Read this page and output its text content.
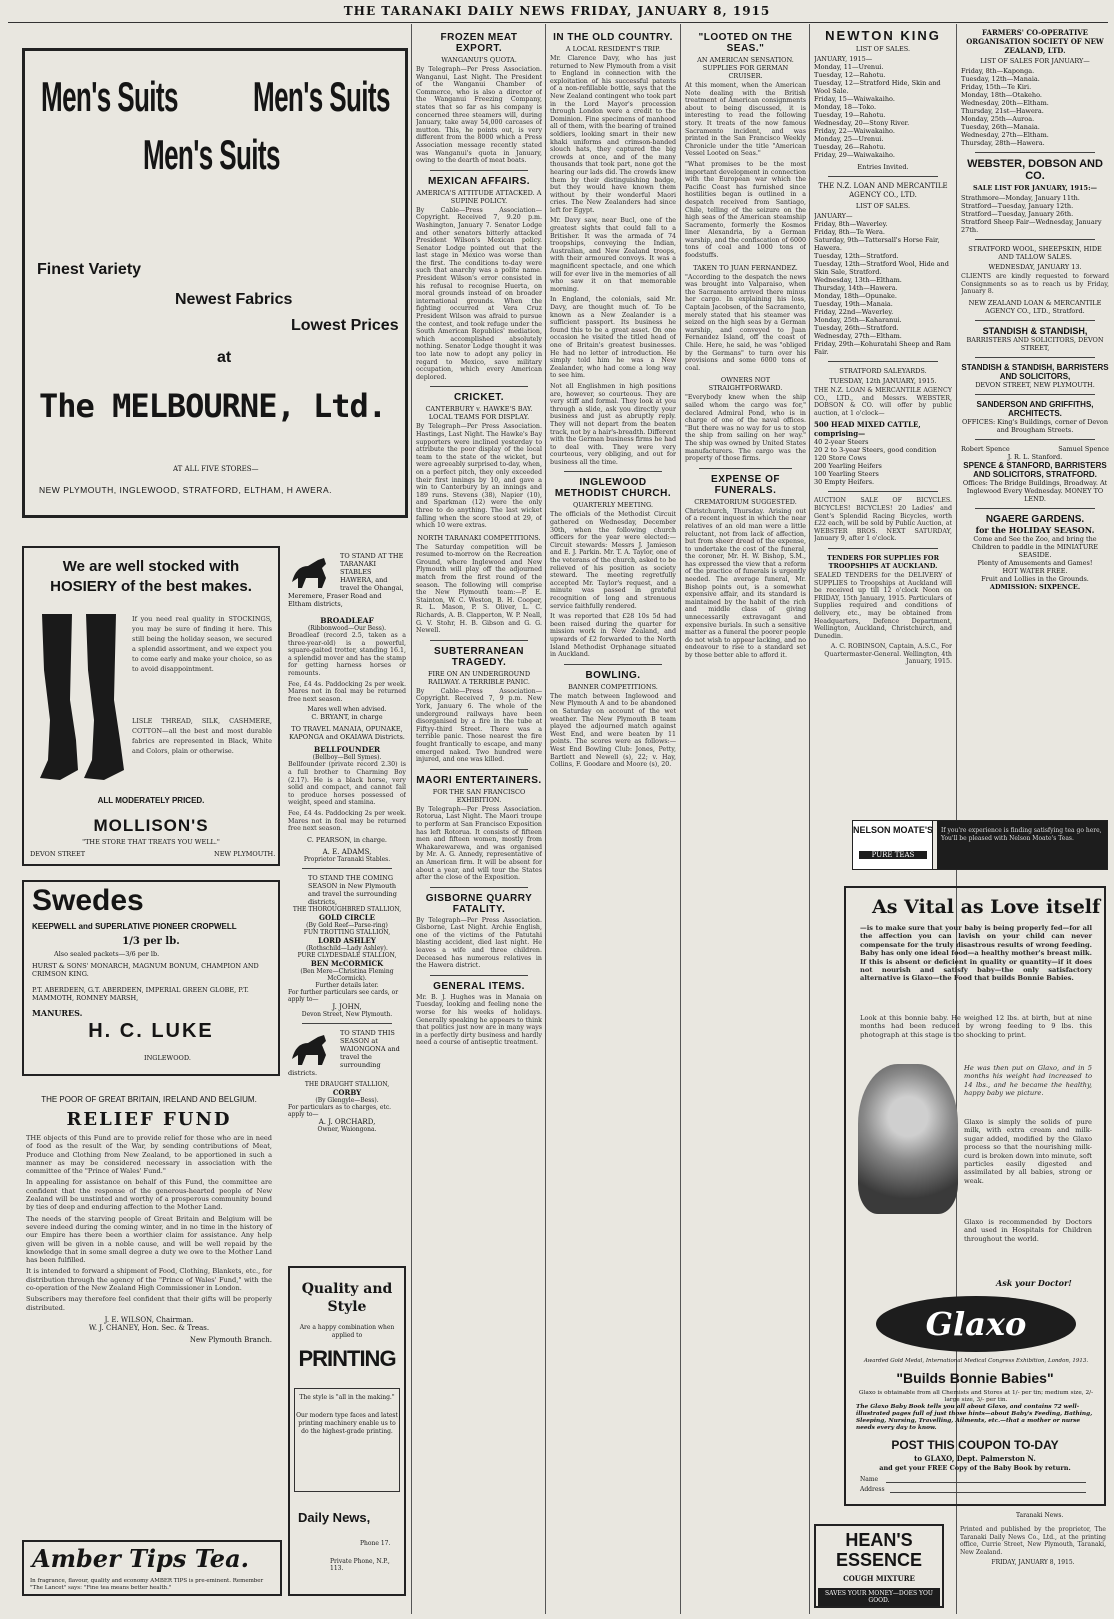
THE TARANAKI DAILY NEWS FRIDAY, JANUARY 8, 1915
Men's Suits Men's Suits
Men's Suits
Finest Variety
Newest Fabrics
Lowest Prices
at
The MELBOURNE, Ltd.
AT ALL FIVE STORES—
NEW PLYMOUTH, INGLEWOOD, STRATFORD, ELTHAM, H AWERA.
We are well stocked with
HOSIERY of the best makes.

If you need real quality in STOCKINGS, you may be sure of finding it here. This still being the holiday season, we secured a splendid assortment, and we expect you to come early and make your choice, so as to avoid disappointment.

LISLE THREAD, SILK, CASHMERE, COTTON—all the best and most durable fabrics are represented in Black, White and Colors, plain or otherwise.

ALL MODERATELY PRICED.
MOLLISON'S
"THE STORE THAT TREATS YOU WELL."
DEVON STREET	NEW PLYMOUTH.
Swedes
KEEPWELL and SUPERLATIVE PIONEER CROPWELL
1/3 per lb.
Also sealed packets—3/6 per lb.
HURST & SONS' MONARCH, MAGNUM BONUM, CHAMPION AND CRIMSON KING.
P.T. ABERDEEN, G.T. ABERDEEN, IMPERIAL GREEN GLOBE, P.T. MAMMOTH, ROMNEY MARSH,
MANURES.
H. C. LUKE
INGLEWOOD.
THE POOR OF GREAT BRITAIN, IRELAND AND BELGIUM.
RELIEF FUND

THE objects of this Fund are to provide relief for those who are in need of food as the result of the War, by sending contributions of Meat, Produce and Clothing from New Zealand, to be apportioned in such a manner as may be considered necessary in association with the committee of the "Prince of Wales' Fund."

In appealing for assistance on behalf of this Fund, the committee are confident that the response of the generous-hearted people of New Zealand will be unstinted and worthy of a prosperous community bound by ties of deep and enduring affection to the Mother Land.

The needs of the starving people of Great Britain and Belgium will be severe indeed during the coming winter, and in no time in the history of our Empire has there been a worthier claim for assistance. Any help given will be given in a noble cause, and will be well repaid by the knowledge that in some small degree a duty we owe to the Mother Land has been fulfilled.

It is intended to forward a shipment of Food, Clothing, Blankets, etc., for distribution through the agency of the "Prince of Wales' Fund," with the co-operation of the New Zealand High Commissioner in London.

Subscribers may therefore feel confident that their gifts will be properly distributed.

J. E. WILSON, Chairman.
W. J. CHANEY, Hon. Sec. & Treas.
New Plymouth Branch.
Amber Tips Tea.
In fragrance, flavour, quality and economy AMBER TIPS is pre-eminent. Remember "The Lancet" says: "Fine tea means better health."
TO STAND AT THE TARANAKI STABLES HAWERA, and travel the Ohangai, Meremere, Fraser Road and Eltham districts,
BROADLEAF
(Ribbonwood—Our Bess).

Broadleaf (record 2.5, taken as a three-year-old) is a powerful, square-gaited trotter, standing 16.1, a splendid mover and has the stamp for getting harness horses or remounts.

Fee, £4 4s. Paddocking 2s per week. Mares not in foal may be returned free next season.

Mares well when advised.
C. BRYANT, in charge
TO TRAVEL MANAIA, OPUNAKE, KAPONGA and OKAIAWA Districts.
BELLFOUNDER
(Bellboy—Bell Symes).

Bellfounder (private record 2.30) is a full brother to Charming Boy (2.17). He is a black horse, very solid and compact, and cannot fail to produce horses possessed of weight, speed and stamina.

Fee, £4 4s. Paddocking 2s per week. Mares not in foal may be returned free next season.

C. PEARSON, in charge.
A. E. ADAMS,
Proprietor Taranaki Stables.
TO STAND THE COMING SEASON in New Plymouth and travel the surrounding districts,
THE THOROUGHBRED STALLION,
GOLD CIRCLE
(By Gold Reef—Parse-ring)
FUN TROTTING STALLION,
LORD ASHLEY
(Rothschild—Lady Ashley).
PURE CLYDESDALE STALLION,
BEN McCORMICK
(Ben Mere—Christina Fleming McCormick).
Further details later.
For further particulars see cards, or apply to—
J. JOHN,
Devon Street, New Plymouth.
TO STAND THIS SEASON at WAIONGONA and travel the surrounding districts.
THE DRAUGHT STALLION,
CORBY
(By Glengyle—Bess).
For particulars as to charges, etc. apply to—
A. J. ORCHARD,
Owner, Waiongona.
Quality and Style
Are a happy combination when applied to
PRINTING
The style is "all in the making."
Our modern type faces and latest printing machinery enable us to do the highest-grade printing.
Daily News,
Phone 17.
Private Phone, N.P., 113.
FROZEN MEAT EXPORT.
WANGANUI'S QUOTA.

By Telegraph—Per Press Association. Wanganui, Last Night. The President of the Wanganui Chamber of Commerce, who is also a director of the Wanganui Freezing Company, states that so far as his company is concerned three steamers will, during January, take away 54,000 carcases of mutton. This, he points out, is very different from the 8000 which a Press Association message recently stated was Wanganui's quota in January, owing to the dearth of meat boats.

MEXICAN AFFAIRS.
AMERICA'S ATTITUDE ATTACKED. A SUPINE POLICY.

By Cable—Press Association—Copyright. Received 7, 9.20 p.m. Washington, January 7. Senator Lodge and other senators bitterly attacked President Wilson's Mexican policy. Senator Lodge pointed out that the last stage in Mexico was worse than the first. The conditions to-day were such that anarchy was a polite name. President Wilson's error consisted in his refusal to recognise Huerta, on moral grounds instead of on broader international grounds. When the fighting occurred at Vera Cruz President Wilson was afraid to pursue the contest, and took refuge under the South American Republics' mediation, which accomplished absolutely nothing. Senator Lodge thought it was too late now to adopt any policy in regard to Mexico, save military occupation, which every American deplored.

CRICKET.
CANTERBURY v. HAWKE'S BAY. LOCAL TEAMS FOR DISPLAY.

By Telegraph—Per Press Association. Hastings, Last Night. The Hawke's Bay supporters were inclined yesterday to attribute the poor display of the local team to the state of the wicket, but were agreeably surprised to-day, when, on a perfect pitch, they only exceeded their first innings by 10, and gave a win to Canterbury by an innings and 189 runs. Stevens (38), Napier (10), and Sparkman (12) were the only three to do anything. The last wicket falling when the score stood at 29, of which 10 were extras.

NORTH TARANAKI COMPETITIONS.

The Saturday competition will be resumed to-morrow on the Recreation Ground, where Inglewood and New Plymouth will play off the adjourned match from the first round of the season. The following will comprise the New Plymouth team:—P. E. Stainton, W. C. Weston, B. H. Cooper, R. L. Mason, P. S. Oliver, L. C. Richards, A. B. Clapperton, W. P. Neall, G. V. Stohr, H. B. Gibson and G. G. Newell.

SUBTERRANEAN TRAGEDY.
FIRE ON AN UNDERGROUND RAILWAY. A TERRIBLE PANIC.

By Cable—Press Association—Copyright. Received 7, 9 p.m. New York, January 6. The whole of the underground railways have been disorganised by a fire in the tube at Fiftyy-third Street. There was a terrible panic. Those nearest the fire fought frantically to escape, and many emerged naked. Two hundred were injured, and one was killed.

MAORI ENTERTAINERS.
FOR THE SAN FRANCISCO EXHIBITION.

By Telegraph—Per Press Association. Rotorua, Last Night. The Maori troupe to perform at San Francisco Exposition has left Rotorua. It consists of fifteen men and fifteen women, mostly from Whakarewarewa, and was organised by Mr. A. G. Annedy, representative of an American firm. It will be absent for about a year, and will tour the States after the close of the Exposition.

GISBORNE QUARRY FATALITY.

By Telegraph—Per Press Association. Gisborne, Last Night. Archie English, one of the victims of the Patutahi blasting accident, died last night. He leaves a wife and three children. Deceased has numerous relatives in the Hawera district.

GENERAL ITEMS.

Mr. B. J. Hughes was in Manaia on Tuesday, looking and feeling none the worse for his weeks of holidays. Generally speaking he appears to think that politics just now are in many ways in a perfectly dirty business and hardly need a course of antiseptic treatment.

IN THE OLD COUNTRY.
A LOCAL RESIDENT'S TRIP.

Mr. Clarence Davy, who has just returned to New Plymouth from a visit to England in connection with the exploitation of his successful patents of a non-refillable bottle, says that the New Zealand contingent who took part in the Lord Mayor's procession through London were a credit to the Dominion. Fine specimens of manhood all of them, with the bearing of trained soldiers, looking smart in their new khaki uniforms and crimson-banded slouch hats, they captured the big crowds at once, and of the many thousands that took part, none got the hearing our lads did. The crowds knew them by their distinguishing badge, but they would have known them without by their wonderful Maori cries. The New Zealanders had since left for Egypt.

Mr. Davy saw, near Bucl, one of the greatest sights that could fall to a Britisher. It was the armada of 74 troopships, conveying the Indian, Australian, and New Zealand troops, with their armoured convoys. It was a magnificent spectacle, and one which will for ever live in the memories of all who saw it on that memorable morning.

In England, the colonials, said Mr. Davy, are thought much of. To be known as a New Zealander is a sufficient passport. Its business he found this to be a great asset. On one occasion he visited the titled head of one of Britain's greatest businesses. He had no letter of introduction. He simply told him he was a New Zealander, who had come a long way to see him.

Not all Englishmen in high positions are, however, so courteous. They are very stiff and formal. They look at you through a slide, ask you directly your business and just as abruptly reply. They will not depart from the beaten track, not by a hair's-breadth. Different with the German business firms he had to deal with. They were very courteous, very obliging, and out for business all the time.

INGLEWOOD METHODIST CHURCH.
QUARTERLY MEETING.

The officials of the Methodist Circuit gathered on Wednesday, December 30th, when the following church officers for the year were elected:—Circuit stewards: Messrs J. Jamieson and E. J. Parkin. Mr. T. A. Taylor, one of the veterans of the church, asked to be relieved of his position as society steward. The meeting regretfully accepted Mr. Taylor's request, and a minute was passed in grateful recognition of long and strenuous service faithfully rendered.

It was reported that £28 10s 5d had been raised during the quarter for mission work in New Zealand, and upwards of £2 forwarded to the North Island Methodist Orphanage situated in Auckland.

BOWLING.
BANNER COMPETITIONS.

The match between Inglewood and New Plymouth A and to be abandoned on Saturday on account of the wet weather. The New Plymouth B team played the adjourned match against West End, and were beaten by 11 points. The scores were as follows:—West End Bowling Club: Jones, Petty, Bartlett and Newell (s), 22; v. Hay, Collins, F. Goodare and Moore (s), 20.

"LOOTED ON THE SEAS."
AN AMERICAN SENSATION. SUPPLIES FOR GERMAN CRUISER.

At this moment, when the American Note dealing with the British treatment of American consignments about to being discussed, it is interesting to read the following story. It treats of the now famous Sacramento incident, and was printed in the San Francisco Weekly Chronicle under the title "American Vessel Looted on Seas."

"What promises to be the most important development in connection with the European war which the Pacific Coast has furnished since hostilities began is outlined in a despatch received from Santiago, Chile, telling of the seizure on the high seas of the American steamship Sacramento, formerly the Kosmos liner Alexandria, by a German warship, and the confiscation of 6000 tons of coal and 1000 tons of foodstuffs.

TAKEN TO JUAN FERNANDEZ.

"According to the despatch the news was brought into Valparaiso, when the Sacramento arrived there minus her cargo. In explaining his loss, Captain Jacobsen, of the Sacramento, merely stated that his steamer was seized on the high seas by a German warship, and conveyed to Juan Fernandez Island, off the coast of Chile. Here, he said, he was "obliged by the Germans" to turn over his provisions and some 6000 tons of coal.

OWNERS NOT STRAIGHTFORWARD.

"Everybody knew when the ship sailed whom the cargo was for," declared Admiral Pond, who is in charge of one of the naval offices. "But there was no way for us to stop the ship from sailing on her way." The ship was owned by United States manufacturers. The cargo was the property of those firms.

EXPENSE OF FUNERALS.
CREMATORIUM SUGGESTED.

Christchurch, Thursday. Arising out of a recent inquest in which the near relatives of an old man were a little reluctant, not from lack of affection, but from sheer dread of the expense, to undertake the cost of the funeral, the coroner, Mr. H. W. Bishop, S.M., has expressed the view that a reform of the practice of funerals is urgently needed. The average funeral, Mr. Bishop points out, is a somewhat expensive affair, and its standard is maintained by the habit of the rich and middle class of giving unnecessarily extravagant and expensive burials. In such a sensitive matter as a funeral the poorer people do not wish to appear lacking, and no endeavour to rise to a standard set by those better able to afford it.

NEWTON KING
LIST OF SALES.
JANUARY, 1915—
Monday, 11—Urenui.
Tuesday, 12—Rahotu.
Tuesday, 12—Stratford Hide, Skin and Wool Sale.
Friday, 15—Waiwakaiho.
Monday, 18—Toko.
Tuesday, 19—Rahotu.
Wednesday, 20—Stony River.
Friday, 22—Waiwakaiho.
Monday, 25—Urenui.
Tuesday, 26—Rahotu.
Friday, 29—Waiwakaiho.
Entries Invited.
THE N.Z. LOAN AND MERCANTILE AGENCY CO., LTD.
LIST OF SALES.
JANUARY—
Friday, 8th—Waverley.
Friday, 8th—Te Wera.
Saturday, 9th—Tattersall's Horse Fair, Hawera.
Tuesday, 12th—Stratford.
Tuesday, 12th—Stratford Wool, Hide and Skin Sale, Stratford.
Wednesday, 13th—Eltham.
Thursday, 14th—Hawera.
Monday, 18th—Opunake.
Tuesday, 19th—Manaia.
Friday, 22nd—Waverley.
Monday, 25th—Kaharanui.
Tuesday, 26th—Stratford.
Wednesday, 27th—Eltham.
Friday, 29th—Kohuratahi Sheep and Ram Fair.
STRATFORD SALEYARDS.
TUESDAY, 12th JANUARY, 1915.

THE N.Z. LOAN & MERCANTILE AGENCY CO., LTD., and Messrs. WEBSTER, DOBSON & CO. will offer by public auction, at 1 o'clock—

500 HEAD MIXED CATTLE, comprising—
40 2-year Steers
20 2 to 3-year Steers, good condition
120 Store Cows
200 Yearling Heifers
100 Yearling Steers
30 Empty Heifers.

AUCTION SALE OF BICYCLES. BICYCLES! BICYCLES! 20 Ladies' and Gent's Splendid Racing Bicycles, worth £22 each, will be sold by Public Auction, at WEBSTER BROS. NEXT SATURDAY, January 9, after 1 o'clock.

TENDERS FOR SUPPLIES FOR TROOPSHIPS AT AUCKLAND.

SEALED TENDERS for the DELIVERY of SUPPLIES to Troopships at Auckland will be received up till 12 o'clock Noon on FRIDAY, 15th January, 1915. Particulars of Supplies required and conditions of delivery, etc., may be obtained from Headquarters, Defence Department, Wellington, Auckland, Christchurch, and Dunedin.

A. C. ROBINSON, Captain, A.S.C., For Quartermaster-General. Wellington, 4th January, 1915.

FARMERS' CO-OPERATIVE ORGANISATION SOCIETY OF NEW ZEALAND, LTD.
LIST OF SALES FOR JANUARY—
Friday, 8th—Kaponga.
Tuesday, 12th—Manaia.
Friday, 15th—Te Kiri.
Monday, 18th—Otakeho.
Wednesday, 20th—Eltham.
Thursday, 21st—Hawera.
Monday, 25th—Auroa.
Tuesday, 26th—Manaia.
Wednesday, 27th—Eltham.
Thursday, 28th—Hawera.
WEBSTER, DOBSON AND CO.
SALE LIST FOR JANUARY, 1915:—
Strathmore—Monday, January 11th.
Stratford—Tuesday, January 12th.
Stratford—Tuesday, January 26th.
Stratford Sheep Fair—Wednesday, January 27th.
STRATFORD WOOL, SHEEPSKIN, HIDE AND TALLOW SALES.
WEDNESDAY, JANUARY 13.

CLIENTS are kindly requested to forward Consignments so as to reach us by Friday, January 8.

NEW ZEALAND LOAN & MERCANTILE AGENCY CO., LTD., Stratford.
STANDISH & STANDISH,
BARRISTERS AND SOLICITORS, DEVON STREET,
STANDISH & STANDISH, BARRISTERS AND SOLICITORS,
DEVON STREET, NEW PLYMOUTH.
SANDERSON AND GRIFFITHS, ARCHITECTS.
OFFICES: King's Buildings, corner of Devon and Brougham Streets.
Robert Spence	Samuel Spence
J. R. L. Stanford.
SPENCE & STANFORD, BARRISTERS AND SOLICITORS, STRATFORD.
Offices: The Bridge Buildings, Broadway. At Inglewood Every Wednesday. MONEY TO LEND.
NGAERE GARDENS.
for the HOLIDAY SEASON.
Come and See the Zoo, and bring the Children to paddle in the MINIATURE SEASIDE.
Plenty of Amusements and Games!
HOT WATER FREE.
Fruit and Lollies in the Grounds.
ADMISSION: SIXPENCE.
NELSON MOATE'S
PURE TEAS
If you're experience is finding satisfying tea go here, You'll be pleased with Nelson Moate's Teas.
As Vital as Love itself

—is to make sure that your baby is being properly fed—for all the affection you can lavish on your child can never compensate for the truly disastrous results of wrong feeding. Baby has only one ideal food—a healthy mother's breast milk. If this is absent or deficient in quality or quantity—if it does not nourish and satisfy baby—the only satisfactory alternative is Glaxo—the Food that builds Bonnie Babies.

Look at this bonnie baby. He weighed 12 lbs. at birth, but at nine months had been reduced by wrong feeding to 9 lbs. this photograph at this stage is too shocking to print.

He was then put on Glaxo, and in 5 months his weight had increased to 14 lbs., and he became the healthy, happy baby we picture.

Glaxo is simply the solids of pure milk, with extra cream and milk-sugar added, modified by the Glaxo process so that the nourishing milk-curd is broken down into minute, soft particles easily digested and assimilated by all babies, strong or weak.

Glaxo is recommended by Doctors and used in Hospitals for Children throughout the world.

Ask your Doctor!
Glaxo
Awarded Gold Medal, International Medical Congress Exhibition, London, 1913.
"Builds Bonnie Babies"
Glaxo is obtainable from all Chemists and Stores at 1/- per tin; medium size, 2/- large size, 3/- per tin.
The Glaxo Baby Book tells you all about Glaxo, and contains 72 well-illustrated pages full of just those hints—about Baby's Feeding, Bathing, Sleeping, Nursing, Travelling, Ailments, etc.—that a mother or nurse needs every day to know.
POST THIS COUPON TO-DAY
to GLAXO, Dept. Palmerston N.
and get your FREE Copy of the Baby Book by return.
Name
Address
Taranaki News.
HEAN'S ESSENCE
COUGH MIXTURE
SAVES YOUR MONEY—DOES YOU GOOD.

Printed and published by the proprietor, The Taranaki Daily News Co., Ltd., at the printing office, Currie Street, New Plymouth, Taranaki, New Zealand.

FRIDAY, JANUARY 8, 1915.
